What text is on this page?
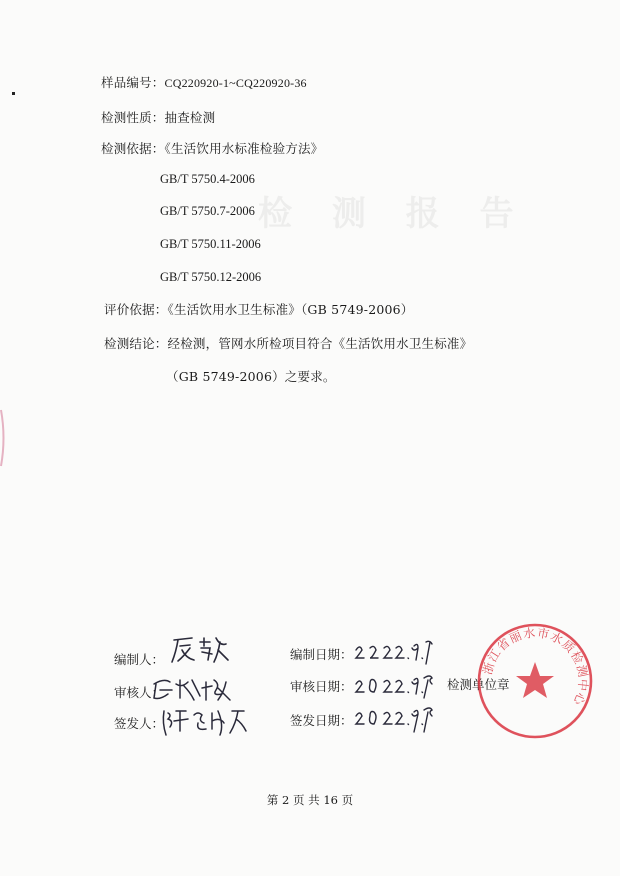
检 测 报 告
样品编号：CQ220920-1~CQ220920-36
检测性质：抽查检测
检测依据：《生活饮用水标准检验方法》
GB/T 5750.4-2006
GB/T 5750.7-2006
GB/T 5750.11-2006
GB/T 5750.12-2006
评价依据：《生活饮用水卫生标准》（GB 5749-2006）
检测结论：经检测，管网水所检项目符合《生活饮用水卫生标准》
（GB 5749-2006）之要求。
编制人：	编制日期：
审核人：	审核日期：	检测单位章
签发人：	签发日期：
浙江省丽水市水质检测中心
第 2 页 共 16 页
